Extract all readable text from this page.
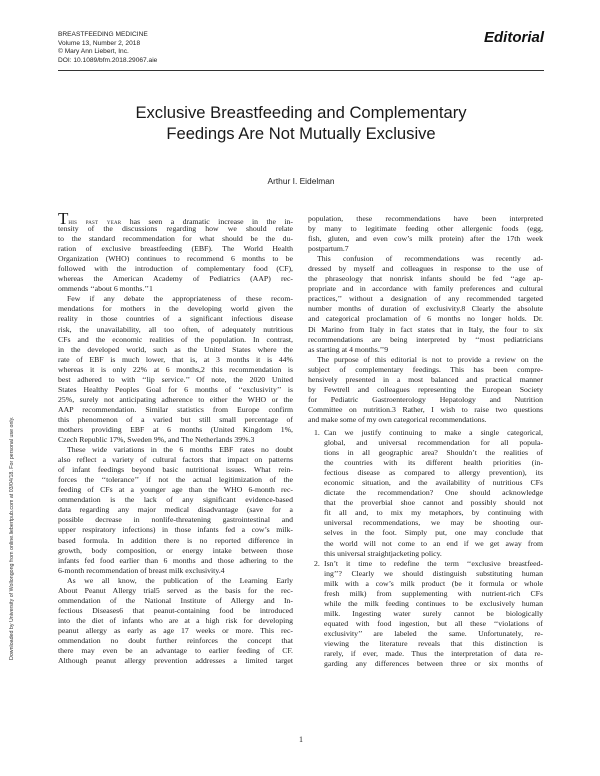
BREASTFEEDING MEDICINE
Volume 13, Number 2, 2018
© Mary Ann Liebert, Inc.
DOI: 10.1089/bfm.2018.29067.aie
Editorial
Exclusive Breastfeeding and Complementary
Feedings Are Not Mutually Exclusive
Arthur I. Eidelman
Downloaded by University of Wollongong from online.liebertpub.com at 03/04/18. For personal use only.
This past year has seen a dramatic increase in the in-
tensity of the discussions regarding how we should relate
to the standard recommendation for what should be the du-
ration of exclusive breastfeeding (EBF). The World Health
Organization (WHO) continues to recommend 6 months to be
followed with the introduction of complementary food (CF),
whereas the American Academy of Pediatrics (AAP) rec-
ommends ‘‘about 6 months.’’1
Few if any debate the appropriateness of these recom-
mendations for mothers in the developing world given the
reality in those countries of a significant infectious disease
risk, the unavailability, all too often, of adequately nutritious
CFs and the economic realities of the population. In contrast,
in the developed world, such as the United States where the
rate of EBF is much lower, that is, at 3 months it is 44%
whereas it is only 22% at 6 months,2 this recommendation is
best adhered to with ‘‘lip service.’’ Of note, the 2020 United
States Healthy Peoples Goal for 6 months of ‘‘exclusivity’’ is
25%, surely not anticipating adherence to either the WHO or the
AAP recommendation. Similar statistics from Europe confirm
this phenomenon of a varied but still small percentage of
mothers providing EBF at 6 months (United Kingdom 1%,
Czech Republic 17%, Sweden 9%, and The Netherlands 39%.3
These wide variations in the 6 months EBF rates no doubt
also reflect a variety of cultural factors that impact on patterns
of infant feedings beyond basic nutritional issues. What rein-
forces the ‘‘tolerance’’ if not the actual legitimization of the
feeding of CFs at a younger age than the WHO 6-month rec-
ommendation is the lack of any significant evidence-based
data regarding any major medical disadvantage (save for a
possible decrease in nonlife-threatening gastrointestinal and
upper respiratory infections) in those infants fed a cow’s milk-
based formula. In addition there is no reported difference in
growth, body composition, or energy intake between those
infants fed food earlier than 6 months and those adhering to the
6-month recommendation of breast milk exclusivity.4
As we all know, the publication of the Learning Early
About Peanut Allergy trial5 served as the basis for the rec-
ommendation of the National Institute of Allergy and In-
fectious Diseases6 that peanut-containing food be introduced
into the diet of infants who are at a high risk for developing
peanut allergy as early as age 17 weeks or more. This rec-
ommendation no doubt further reinforces the concept that
there may even be an advantage to earlier feeding of CF.
Although peanut allergy prevention addresses a limited target
population, these recommendations have been interpreted
by many to legitimate feeding other allergenic foods (egg,
fish, gluten, and even cow’s milk protein) after the 17th week
postpartum.7
This confusion of recommendations was recently ad-
dressed by myself and colleagues in response to the use of
the phraseology that nonrisk infants should be fed ‘‘age ap-
propriate and in accordance with family preferences and cultural
practices,’’ without a designation of any recommended targeted
number months of duration of exclusivity.8 Clearly the absolute
and categorical proclamation of 6 months no longer holds. Dr.
Di Marino from Italy in fact states that in Italy, the four to six
recommendations are being interpreted by ‘‘most pediatricians
as starting at 4 months.’’9
The purpose of this editorial is not to provide a review on the
subject of complementary feedings. This has been compre-
hensively presented in a most balanced and practical manner
by Fewtrell and colleagues representing the European Society
for Pediatric Gastroenterology Hepatology and Nutrition
Committee on nutrition.3 Rather, I wish to raise two questions
and make some of my own categorical recommendations.
1. Can we justify continuing to make a single categorical,
global, and universal recommendation for all popula-
tions in all geographic area? Shouldn’t the realities of
the countries with its different health priorities (in-
fectious disease as compared to allergy prevention), its
economic situation, and the availability of nutritious CFs
dictate the recommendation? One should acknowledge
that the proverbial shoe cannot and possibly should not
fit all and, to mix my metaphors, by continuing with
universal recommendations, we may be shooting our-
selves in the foot. Simply put, one may conclude that
the world will not come to an end if we get away from
this universal straightjacketing policy.
2. Isn’t it time to redefine the term ‘‘exclusive breastfeed-
ing’’? Clearly we should distinguish substituting human
milk with a cow’s milk product (be it formula or whole
fresh milk) from supplementing with nutrient-rich CFs
while the milk feeding continues to be exclusively human
milk. Ingesting water surely cannot be biologically
equated with food ingestion, but all these ‘‘violations of
exclusivity’’ are labeled the same. Unfortunately, re-
viewing the literature reveals that this distinction is
rarely, if ever, made. Thus the interpretation of data re-
garding any differences between three or six months of
1
